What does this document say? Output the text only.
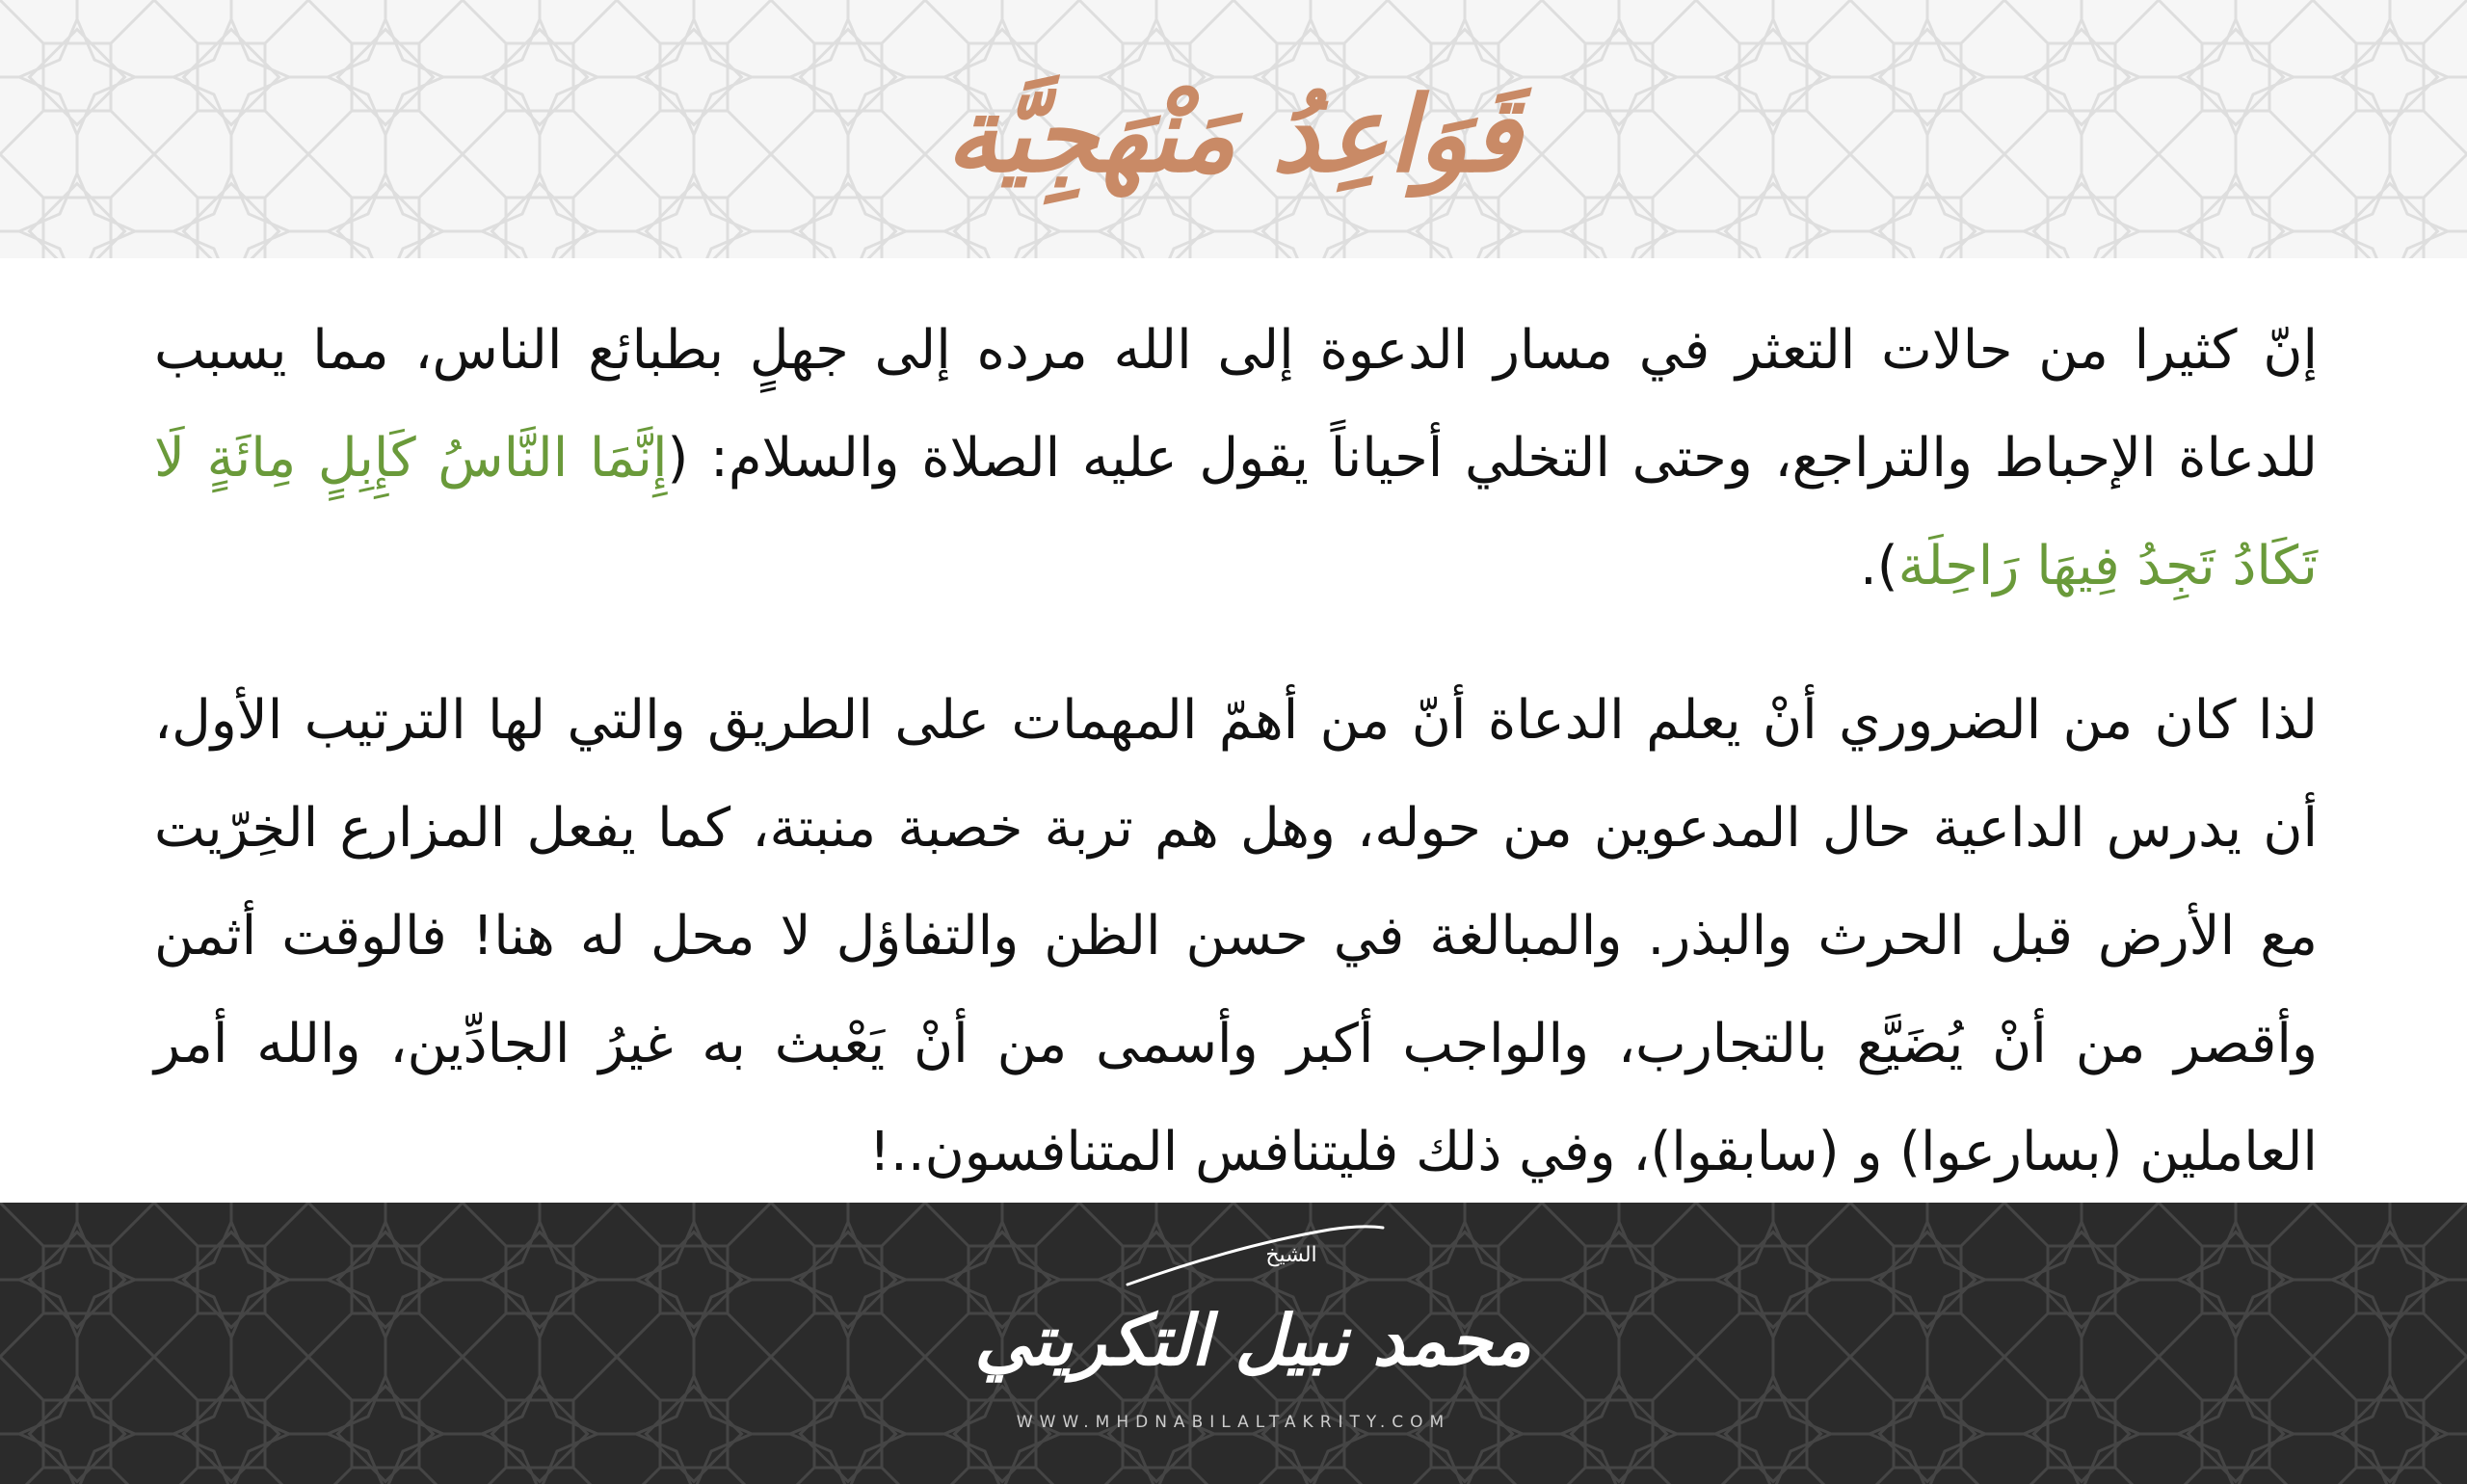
قَوَاعِدُ مَنْهَجِيَّة

إنّ كثيرا من حالات التعثر في مسار الدعوة إلى الله مرده إلى جهلٍ بطبائع الناس، مما يسبب للدعاة الإحباط والتراجع، وحتى التخلي أحياناً يقول عليه الصلاة والسلام: (إِنَّمَا النَّاسُ كَإِبِلٍ مِائَةٍ لَا تَكَادُ تَجِدُ فِيهَا رَاحِلَة).

لذا كان من الضروري أنْ يعلم الدعاة أنّ من أهمّ المهمات على الطريق والتي لها الترتيب الأول، أن يدرس الداعية حال المدعوين من حوله، وهل هم تربة خصبة منبتة، كما يفعل المزارع الخِرّيت مع الأرض قبل الحرث والبذر. والمبالغة في حسن الظن والتفاؤل لا محل له هنا! فالوقت أثمن وأقصر من أنْ يُضَيَّع بالتجارب، والواجب أكبر وأسمى من أنْ يَعْبث به غيرُ الجادِّين، والله أمر العاملين (بسارعوا) و (سابقوا)، وفي ذلك فليتنافس المتنافسون..!

الشيخ
محمد نبيل التكريتي
WWW.MHDNABILALTAKRITY.COM
